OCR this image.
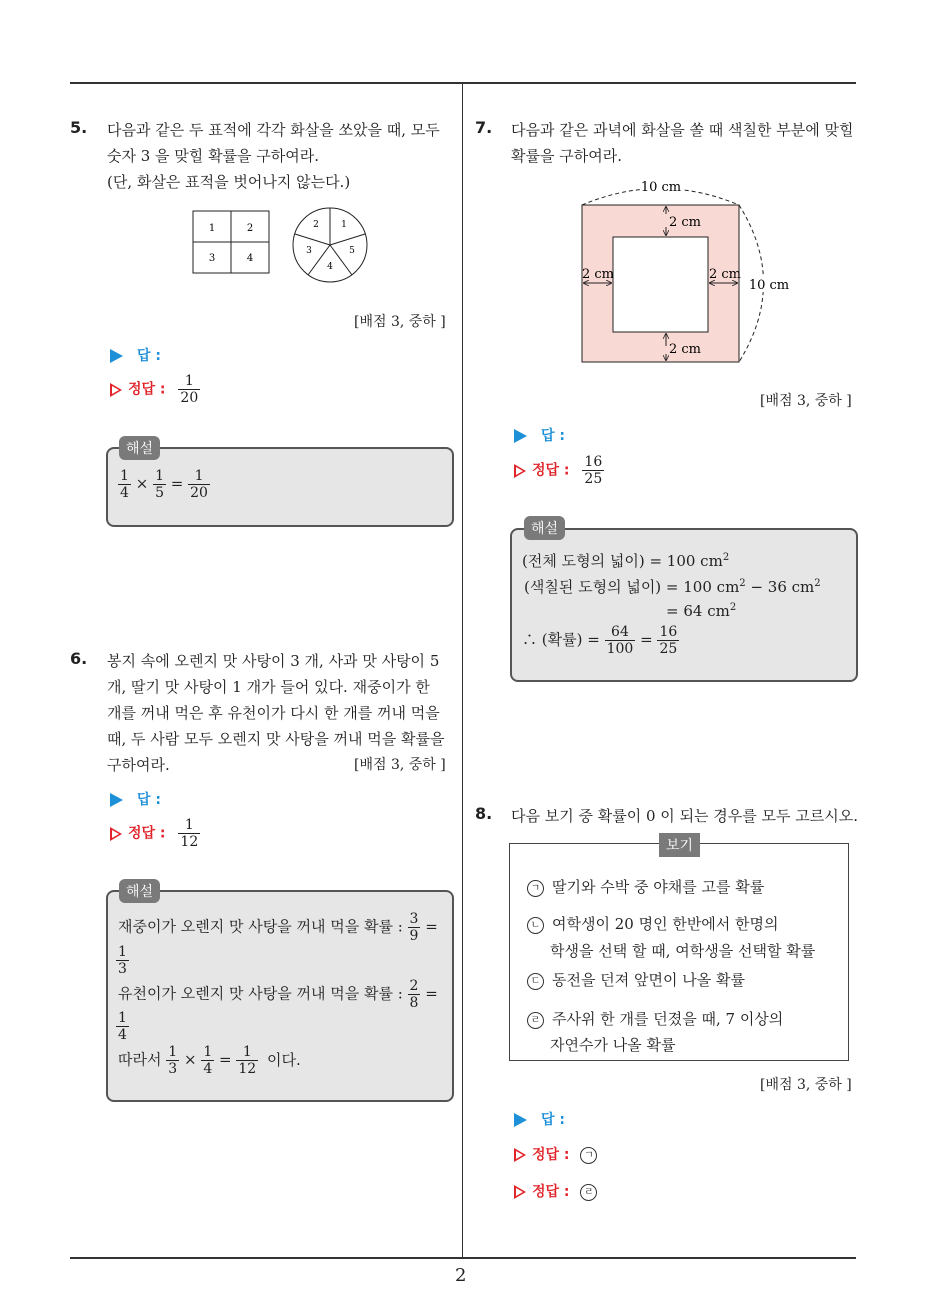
2
5. 다음과 같은 두 표적에 각각 화살을 쏘았을 때, 모두
숫자 3 을 맞힐 확률을 구하여라.
(단, 화살은 표적을 벗어나지 않는다.)
1	2
3	4
2 1
3	5
4
[배점 3, 중하 ]
답 :
정답 : $\frac{1}{20}$
해설
$\frac{1}{4} \times \frac{1}{5} = \frac{1}{20}$
6. 봉지 속에 오렌지 맛 사탕이 3 개, 사과 맛 사탕이 5
개, 딸기 맛 사탕이 1 개가 들어 있다. 재중이가 한
개를 꺼내 먹은 후 유천이가 다시 한 개를 꺼내 먹을
때, 두 사람 모두 오렌지 맛 사탕을 꺼내 먹을 확률을
구하여라.	[배점 3, 중하 ]
답 :
정답 : $\frac{1}{12}$
해설
재중이가 오렌지 맛 사탕을 꺼내 먹을 확률 : $\frac{3}{9}$ =
$\frac{1}{3}$
유천이가 오렌지 맛 사탕을 꺼내 먹을 확률 : $\frac{2}{8}$ =
$\frac{1}{4}$
따라서 $\frac{1}{3} \times \frac{1}{4} = \frac{1}{12}$ 이다.
7. 다음과 같은 과녁에 화살을 쏠 때 색칠한 부분에 맞힐
확률을 구하여라.
10 cm
10 cm
2 cm
2 cm
2 cm	2 cm
[배점 3, 중하 ]
답 :
정답 : $\frac{16}{25}$
해설
(전체 도형의 넓이) = 100 $cm^2$
(색칠된 도형의 넓이) = 100 $cm^2 - 36$ $cm^2$
= 64 $cm^2$
∴ (확률) = $\frac{64}{100} = \frac{16}{25}$
8. 다음 보기 중 확률이 0 이 되는 경우를 모두 고르시오.
보기
ㄱ 딸기와 수박 중 야채를 고를 확률
ㄴ 여학생이 20 명인 한반에서 한명의
학생을 선택 할 때, 여학생을 선택할 확률
ㄷ 동전을 던져 앞면이 나올 확률
ㄹ 주사위 한 개를 던졌을 때, 7 이상의
자연수가 나올 확률
[배점 3, 중하 ]
답 :
정답 : ㄱ
정답 : ㄹ
